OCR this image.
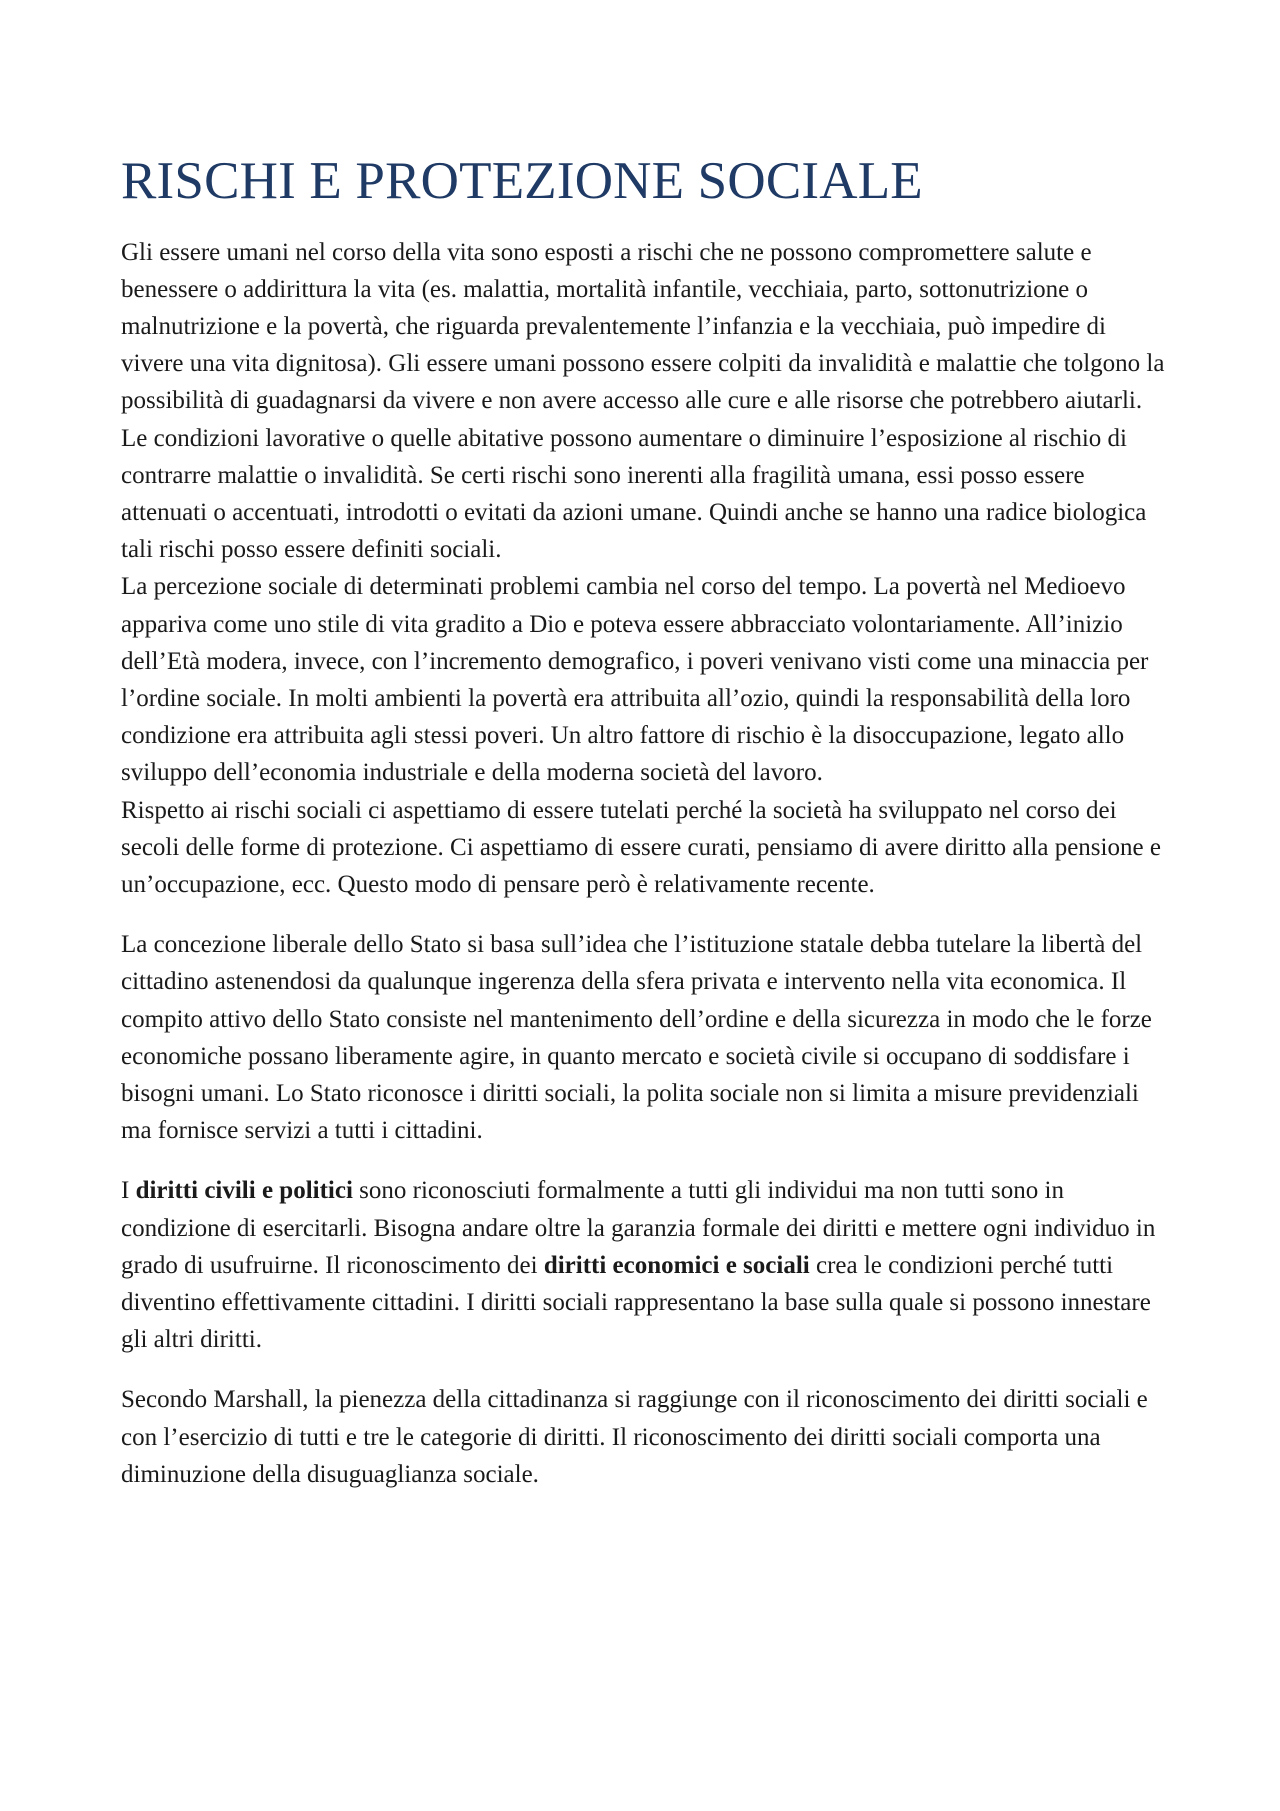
RISCHI E PROTEZIONE SOCIALE

Gli essere umani nel corso della vita sono esposti a rischi che ne possono compromettere salute e benessere o addirittura la vita (es. malattia, mortalità infantile, vecchiaia, parto, sottonutrizione o malnutrizione e la povertà, che riguarda prevalentemente l’infanzia e la vecchiaia, può impedire di vivere una vita dignitosa). Gli essere umani possono essere colpiti da invalidità e malattie che tolgono la possibilità di guadagnarsi da vivere e non avere accesso alle cure e alle risorse che potrebbero aiutarli. Le condizioni lavorative o quelle abitative possono aumentare o diminuire l’esposizione al rischio di contrarre malattie o invalidità. Se certi rischi sono inerenti alla fragilità umana, essi posso essere attenuati o accentuati, introdotti o evitati da azioni umane. Quindi anche se hanno una radice biologica tali rischi posso essere definiti sociali.

La percezione sociale di determinati problemi cambia nel corso del tempo. La povertà nel Medioevo appariva come uno stile di vita gradito a Dio e poteva essere abbracciato volontariamente. All’inizio dell’Età modera, invece, con l’incremento demografico, i poveri venivano visti come una minaccia per l’ordine sociale. In molti ambienti la povertà era attribuita all’ozio, quindi la responsabilità della loro condizione era attribuita agli stessi poveri. Un altro fattore di rischio è la disoccupazione, legato allo sviluppo dell’economia industriale e della moderna società del lavoro.

Rispetto ai rischi sociali ci aspettiamo di essere tutelati perché la società ha sviluppato nel corso dei secoli delle forme di protezione. Ci aspettiamo di essere curati, pensiamo di avere diritto alla pensione e un’occupazione, ecc. Questo modo di pensare però è relativamente recente.

La concezione liberale dello Stato si basa sull’idea che l’istituzione statale debba tutelare la libertà del cittadino astenendosi da qualunque ingerenza della sfera privata e intervento nella vita economica. Il compito attivo dello Stato consiste nel mantenimento dell’ordine e della sicurezza in modo che le forze economiche possano liberamente agire, in quanto mercato e società civile si occupano di soddisfare i bisogni umani. Lo Stato riconosce i diritti sociali, la polita sociale non si limita a misure previdenziali ma fornisce servizi a tutti i cittadini.

I diritti civili e politici sono riconosciuti formalmente a tutti gli individui ma non tutti sono in condizione di esercitarli. Bisogna andare oltre la garanzia formale dei diritti e mettere ogni individuo in grado di usufruirne. Il riconoscimento dei diritti economici e sociali crea le condizioni perché tutti diventino effettivamente cittadini. I diritti sociali rappresentano la base sulla quale si possono innestare gli altri diritti.

Secondo Marshall, la pienezza della cittadinanza si raggiunge con il riconoscimento dei diritti sociali e con l’esercizio di tutti e tre le categorie di diritti. Il riconoscimento dei diritti sociali comporta una diminuzione della disuguaglianza sociale.
